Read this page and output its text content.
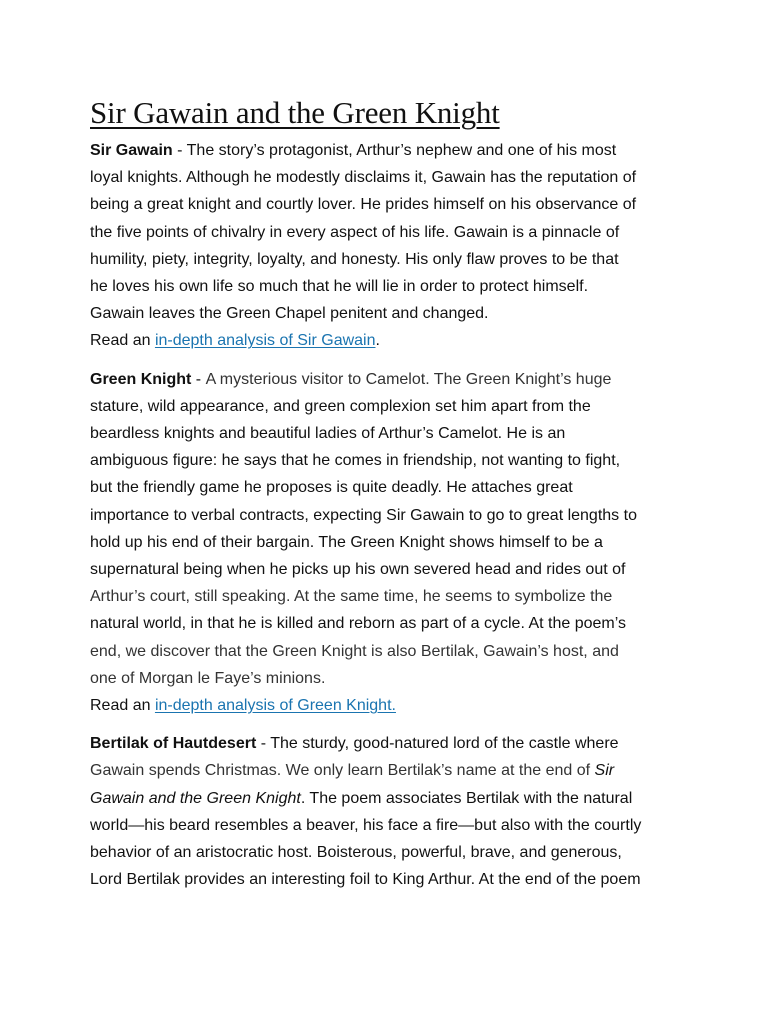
Sir Gawain and the Green Knight
Sir Gawain - The story’s protagonist, Arthur’s nephew and one of his most
loyal knights. Although he modestly disclaims it, Gawain has the reputation of
being a great knight and courtly lover. He prides himself on his observance of
the five points of chivalry in every aspect of his life. Gawain is a pinnacle of
humility, piety, integrity, loyalty, and honesty. His only flaw proves to be that
he loves his own life so much that he will lie in order to protect himself.
Gawain leaves the Green Chapel penitent and changed.
Read an in-depth analysis of Sir Gawain.
Green Knight - A mysterious visitor to Camelot. The Green Knight’s huge
stature, wild appearance, and green complexion set him apart from the
beardless knights and beautiful ladies of Arthur’s Camelot. He is an
ambiguous figure: he says that he comes in friendship, not wanting to fight,
but the friendly game he proposes is quite deadly. He attaches great
importance to verbal contracts, expecting Sir Gawain to go to great lengths to
hold up his end of their bargain. The Green Knight shows himself to be a
supernatural being when he picks up his own severed head and rides out of
Arthur’s court, still speaking. At the same time, he seems to symbolize the
natural world, in that he is killed and reborn as part of a cycle. At the poem’s
end, we discover that the Green Knight is also Bertilak, Gawain’s host, and
one of Morgan le Faye’s minions.
Read an in-depth analysis of Green Knight.
Bertilak of Hautdesert - The sturdy, good-natured lord of the castle where
Gawain spends Christmas. We only learn Bertilak’s name at the end of Sir
Gawain and the Green Knight. The poem associates Bertilak with the natural
world—his beard resembles a beaver, his face a fire—but also with the courtly
behavior of an aristocratic host. Boisterous, powerful, brave, and generous,
Lord Bertilak provides an interesting foil to King Arthur. At the end of the poem
